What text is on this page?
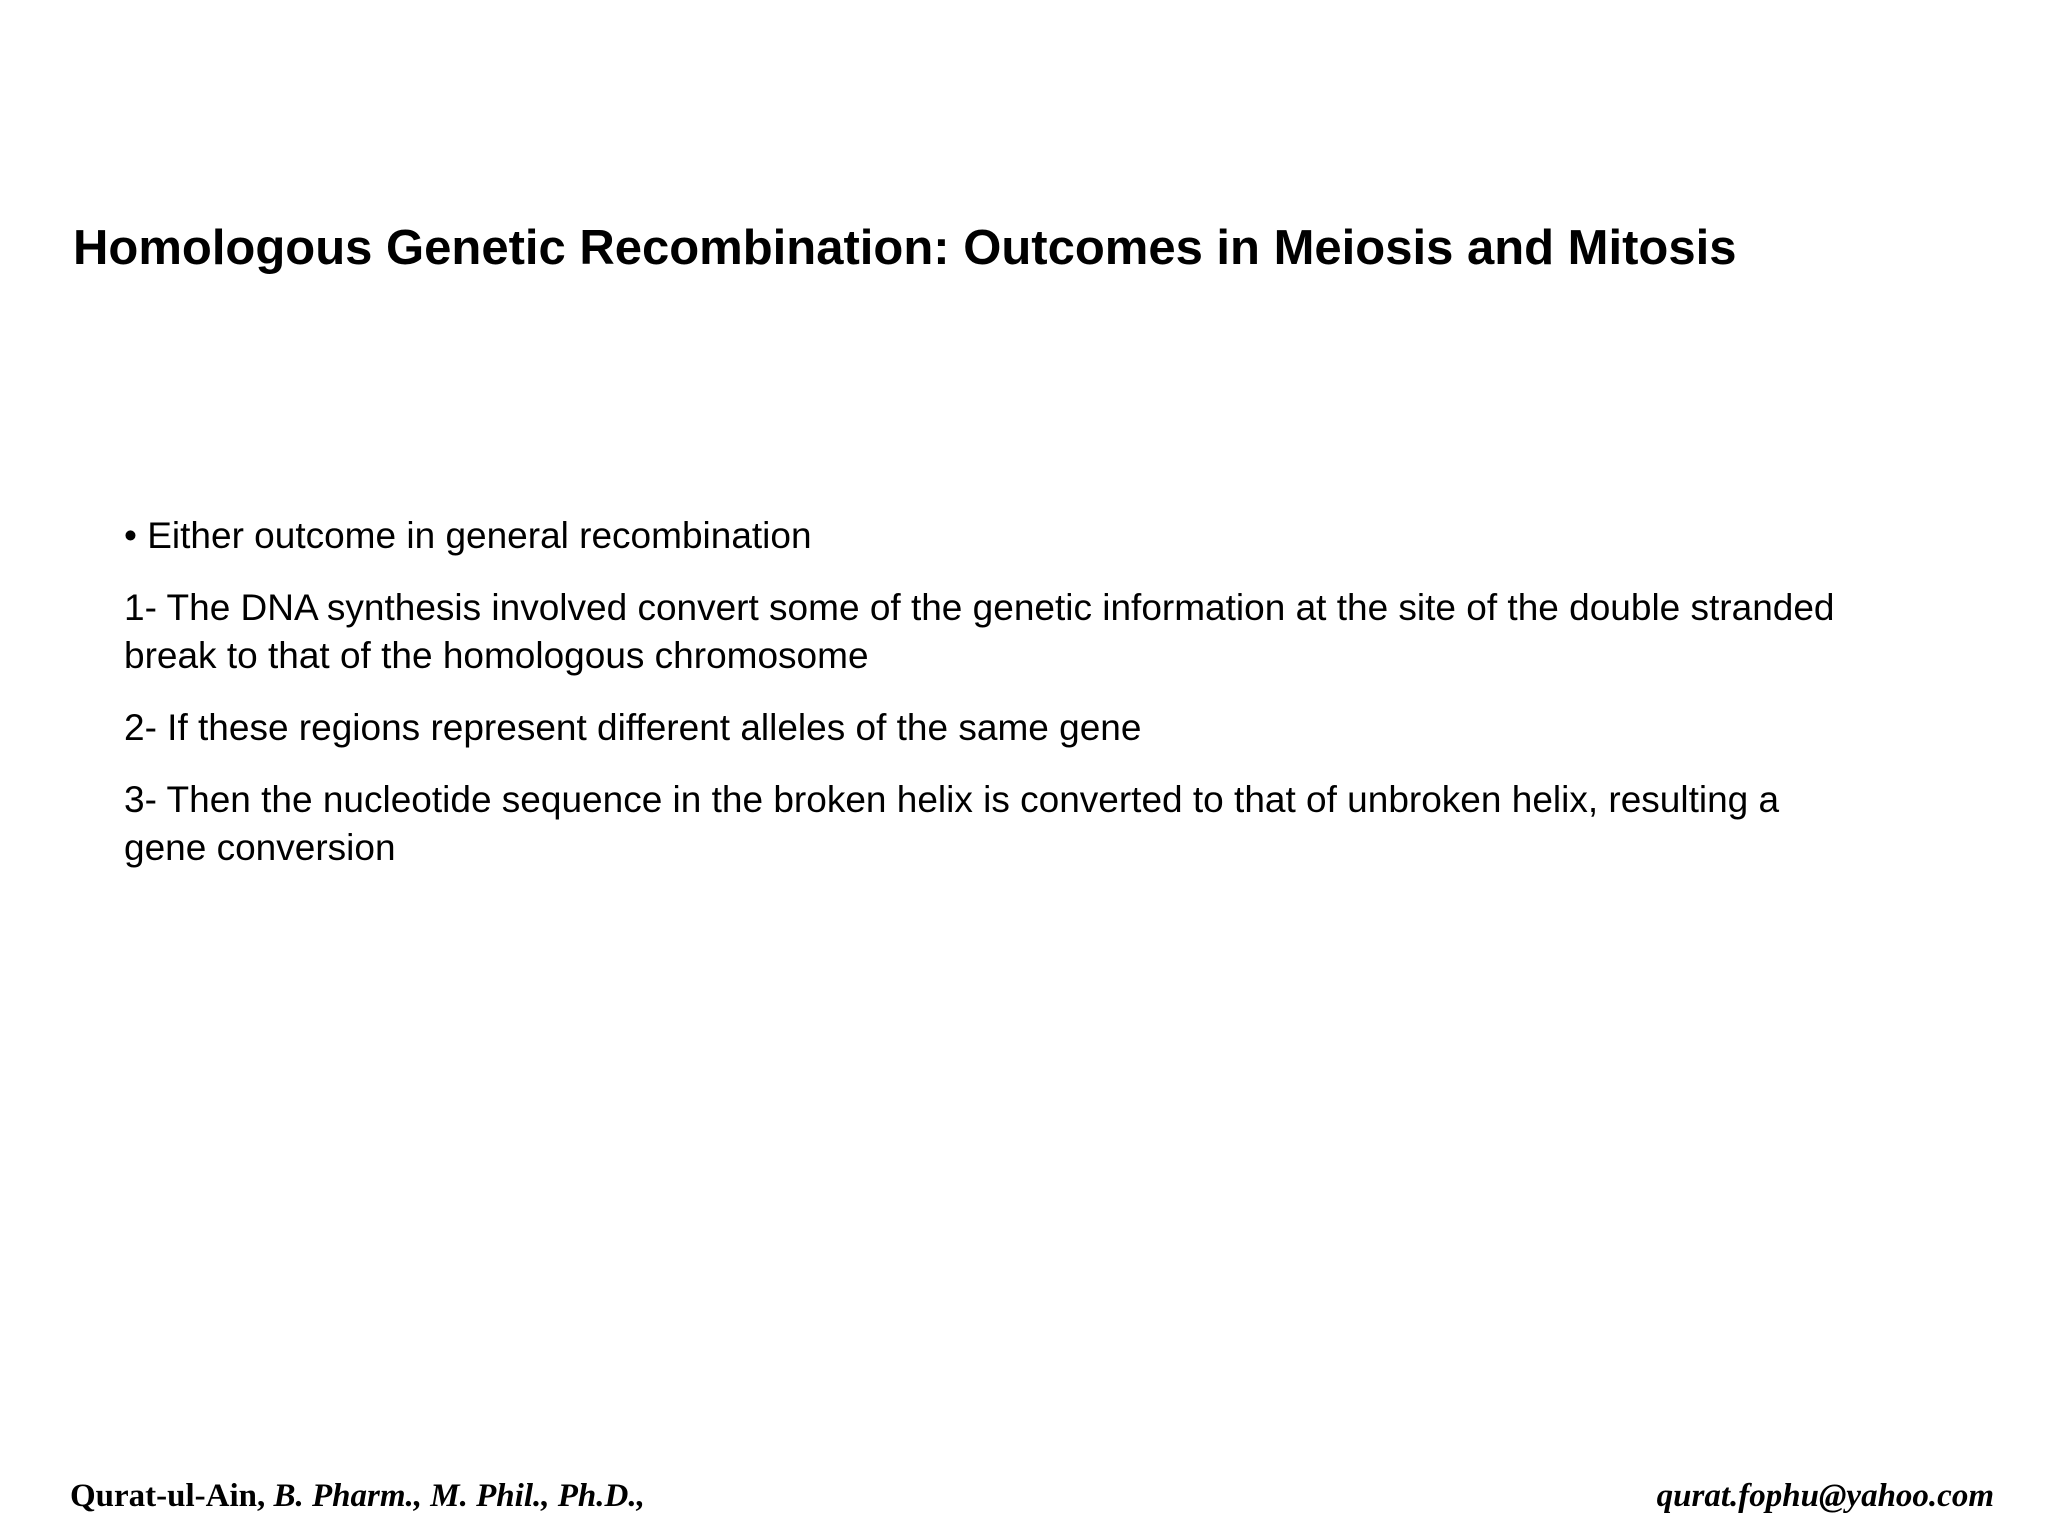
Homologous Genetic Recombination: Outcomes in Meiosis and Mitosis

• Either outcome in general recombination

1- The DNA synthesis involved convert some of the genetic information at the site of the double stranded break to that of the homologous chromosome

2- If these regions represent different alleles of the same gene

3- Then the nucleotide sequence in the broken helix is converted to that of unbroken helix, resulting a gene conversion

Qurat-ul-Ain, B. Pharm., M. Phil., Ph.D.,	qurat.fophu@yahoo.com
